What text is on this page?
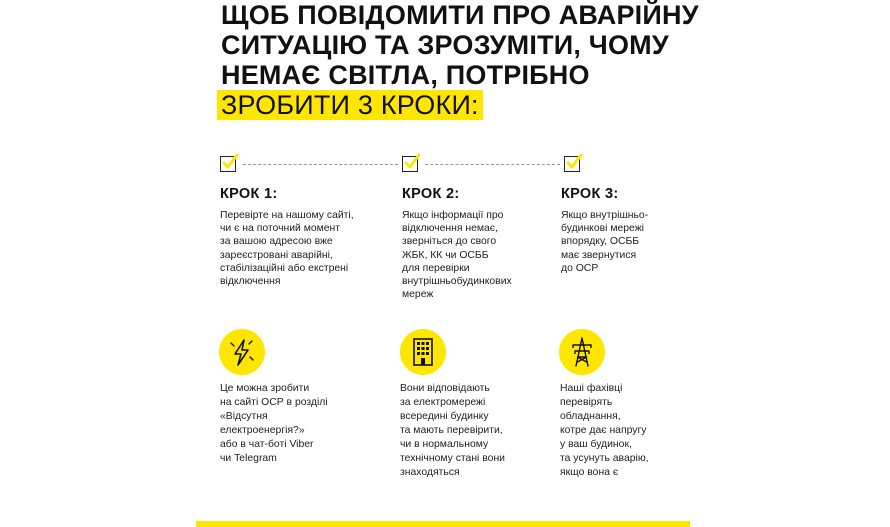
ЩОБ ПОВІДОМИТИ ПРО АВАРІЙНУ
СИТУАЦІЮ ТА ЗРОЗУМІТИ, ЧОМУ
НЕМАЄ СВІТЛА, ПОТРІБНО
ЗРОБИТИ 3 КРОКИ:
КРОК 1:
Перевірте на нашому сайті,
чи є на поточний момент
за вашою адресою вже
зареєстровані аварійні,
стабілізаційні або екстрені
відключення
КРОК 2:
Якщо інформації про
відключення немає,
зверніться до свого
ЖБК, КК чи ОСББ
для перевірки
внутрішньобудинкових
мереж
КРОК 3:
Якщо внутрішньо-
будинкові мережі
впорядку, ОСББ
має звернутися
до ОСР
Це можна зробити
на сайті ОСР в розділі
«Відсутня
електроенергія?»
або в чат-боті Viber
чи Telegram
Вони відповідають
за електромережі
всередині будинку
та мають перевірити,
чи в нормальному
технічному стані вони
знаходяться
Наші фахівці
перевірять
обладнання,
котре дає напругу
у ваш будинок,
та усунуть аварію,
якщо вона є
